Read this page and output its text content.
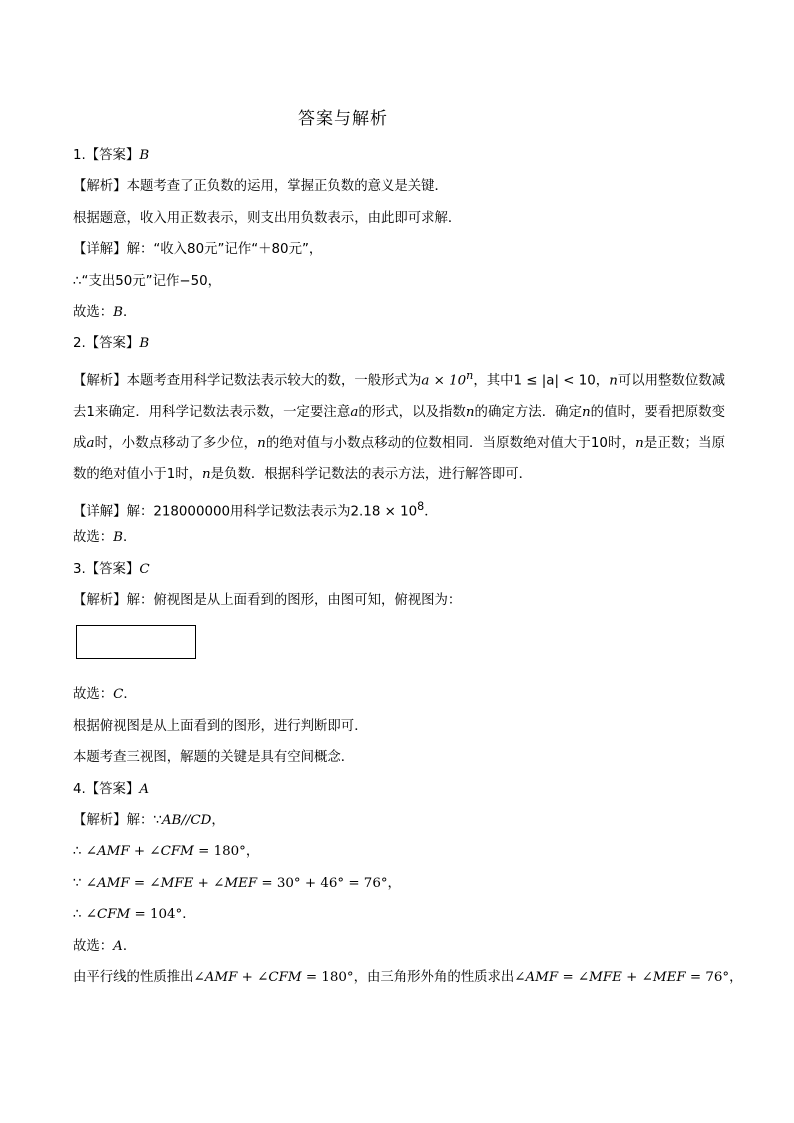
答案与解析
1.【答案】B
【解析】本题考查了正负数的运用，掌握正负数的意义是关键．
根据题意，收入用正数表示，则支出用负数表示，由此即可求解．
【详解】解：“收入80元”记作“＋80元”，
∴“支出50元”记作−50，
故选：B．
2.【答案】B
【解析】本题考查用科学记数法表示较大的数，一般形式为$a \times 10^n$，其中1 ≤ |a| < 10，n可以用整数位数减去1来确定．用科学记数法表示数，一定要注意a的形式，以及指数n的确定方法．确定n的值时，要看把原数变成a时，小数点移动了多少位，n的绝对值与小数点移动的位数相同．当原数绝对值大于10时，n是正数；当原数的绝对值小于1时，n是负数．根据科学记数法的表示方法，进行解答即可．
【详解】解：218000000用科学记数法表示为$2.18 \times 10^8$．
故选：B．
3.【答案】C
【解析】解：俯视图是从上面看到的图形，由图可知，俯视图为：
故选：C．
根据俯视图是从上面看到的图形，进行判断即可．
本题考查三视图，解题的关键是具有空间概念．
4.【答案】A
【解析】解：∵AB//CD，
∴ ∠AMF + ∠CFM = 180°，
∵ ∠AMF = ∠MFE + ∠MEF = 30° + 46° = 76°，
∴ ∠CFM = 104°．
故选：A．
由平行线的性质推出∠AMF + ∠CFM = 180°，由三角形外角的性质求出∠AMF = ∠MFE + ∠MEF = 76°，
